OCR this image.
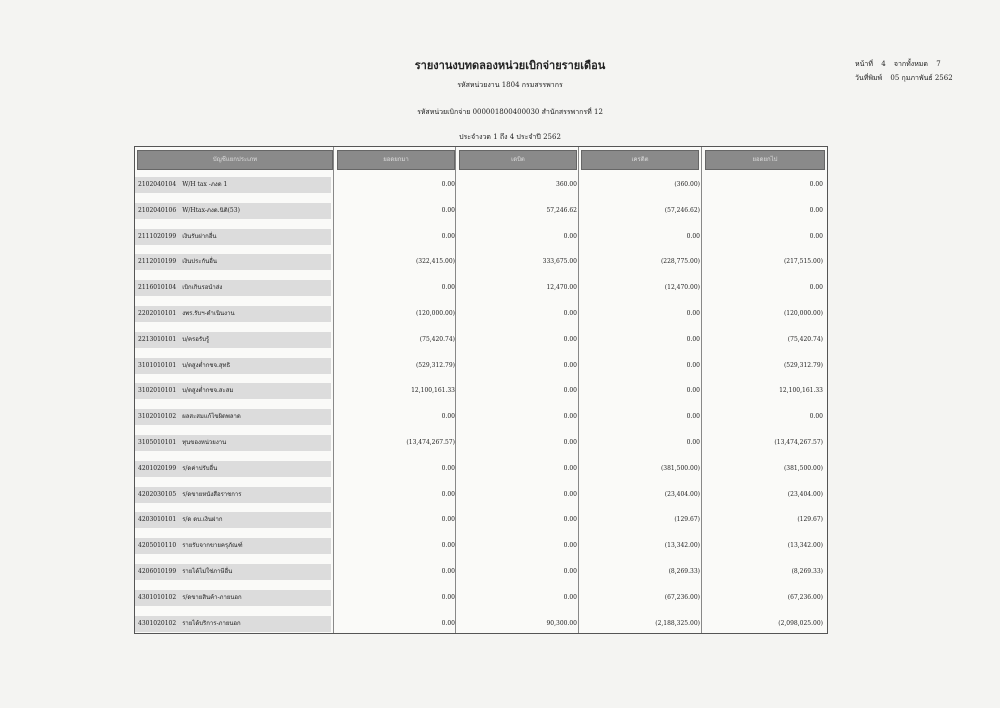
รายงานงบทดลองหน่วยเบิกจ่ายรายเดือน
รหัสหน่วยงาน 1804 กรมสรรพากร
รหัสหน่วยเบิกจ่าย 000001800400030 สำนักสรรพากรที่ 12
ประจำงวด 1 ถึง 4 ประจำปี 2562
หน้าที่ 4 จากทั้งหมด 7
วันที่พิมพ์ 05 กุมภาพันธ์ 2562
บัญชีแยกประเภท	ยอดยกมา	เดบิต	เครดิต	ยอดยกไป
2102040104 W/H tax -ภงด 1	0.00	360.00	(360.00)	0.00
2102040106 W/Htax-ภงด.นิติ(53)	0.00	57,246.62	(57,246.62)	0.00
2111020199 เงินรับฝากอื่น	0.00	0.00	0.00	0.00
2112010199 เงินประกันอื่น	(322,415.00)	333,675.00	(228,775.00)	(217,515.00)
2116010104 เบิกเกินรอนำส่ง	0.00	12,470.00	(12,470.00)	0.00
2202010101 งพร.รับฯ-ดำเนินงาน	(120,000.00)	0.00	0.00	(120,000.00)
2213010101 บ/ครอรับรู้	(75,420.74)	0.00	0.00	(75,420.74)
3101010101 บ/ตสูงต่ำกชจ.สุทธิ	(529,312.79)	0.00	0.00	(529,312.79)
3102010101 บ/ตสูงต่ำกชจ.สะสม	12,100,161.33	0.00	0.00	12,100,161.33
3102010102 ผลสะสมแก้ไขผิดพลาด	0.00	0.00	0.00	0.00
3105010101 ทุนของหน่วยงาน	(13,474,267.57)	0.00	0.00	(13,474,267.57)
4201020199 ร/ดค่าปรับอื่น	0.00	0.00	(381,500.00)	(381,500.00)
4202030105 ร/ดขายหนังสือราชการ	0.00	0.00	(23,404.00)	(23,404.00)
4203010101 ร/ด ดบ.เงินฝาก	0.00	0.00	(129.67)	(129.67)
4205010110 รายรับจากขายครุภัณฑ์	0.00	0.00	(13,342.00)	(13,342.00)
4206010199 รายได้ไม่ใช่ภาษีอื่น	0.00	0.00	(8,269.33)	(8,269.33)
4301010102 ร/ดขายสินค้า-ภายนอก	0.00	0.00	(67,236.00)	(67,236.00)
4301020102 รายได้บริการ-ภายนอก	0.00	90,300.00	(2,188,325.00)	(2,098,025.00)
